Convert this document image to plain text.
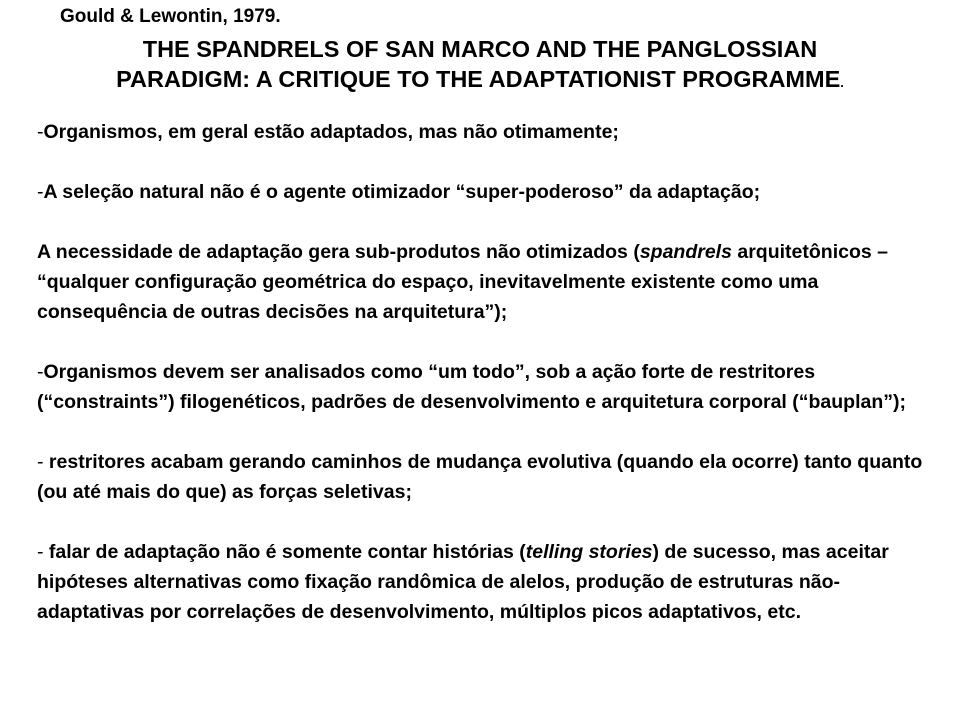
Gould & Lewontin, 1979.
THE SPANDRELS OF SAN MARCO AND THE PANGLOSSIAN
PARADIGM: A CRITIQUE TO THE ADAPTATIONIST PROGRAMME.

-Organismos, em geral estão adaptados, mas não otimamente;

-A seleção natural não é o agente otimizador “super-poderoso” da adaptação;

A necessidade de adaptação gera sub-produtos não otimizados (spandrels arquitetônicos – “qualquer configuração geométrica do espaço, inevitavelmente existente como uma consequência de outras decisões na arquitetura”);

-Organismos devem ser analisados como “um todo”, sob a ação forte de restritores (“constraints”) filogenéticos, padrões de desenvolvimento e arquitetura corporal (“bauplan”);

- restritores acabam gerando caminhos de mudança evolutiva (quando ela ocorre) tanto quanto (ou até mais do que) as forças seletivas;

- falar de adaptação não é somente contar histórias (telling stories) de sucesso, mas aceitar hipóteses alternativas como fixação randômica de alelos, produção de estruturas não-adaptativas por correlações de desenvolvimento, múltiplos picos adaptativos, etc.
